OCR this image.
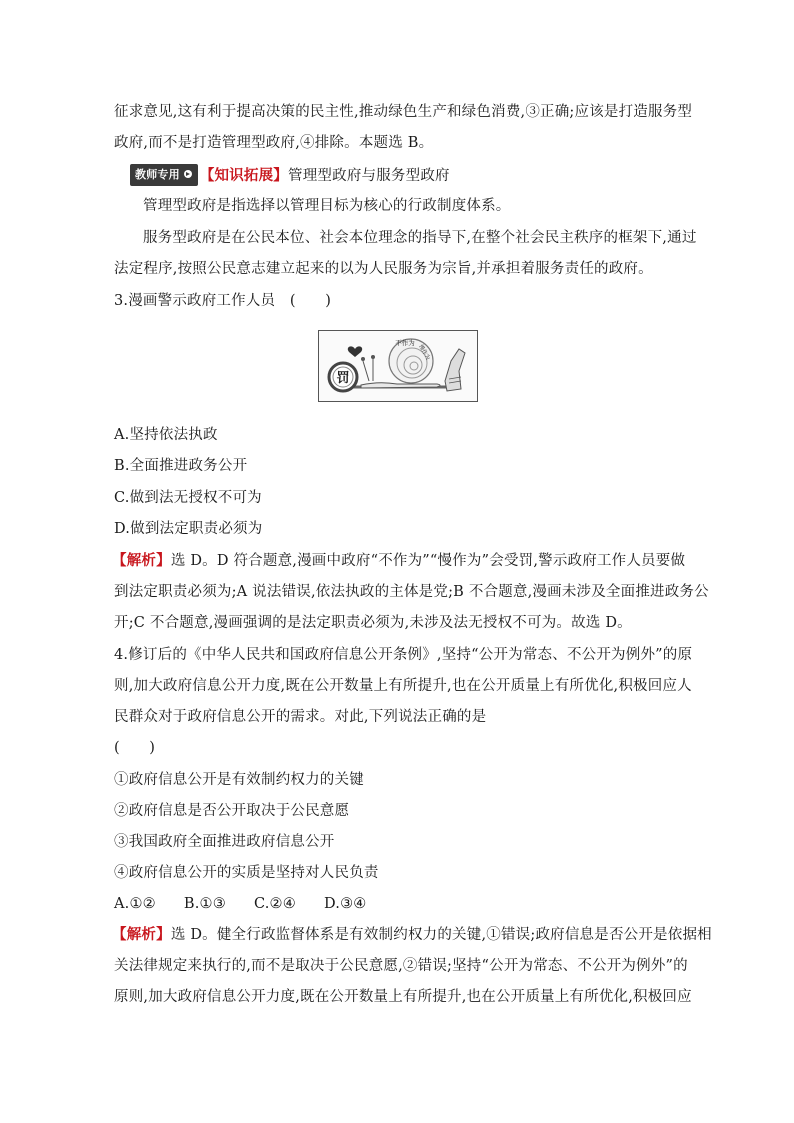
征求意见,这有利于提高决策的民主性,推动绿色生产和绿色消费,③正确;应该是打造服务型
政府,而不是打造管理型政府,④排除。本题选 B。
教师专用 【知识拓展】管理型政府与服务型政府
管理型政府是指选择以管理目标为核心的行政制度体系。
服务型政府是在公民本位、社会本位理念的指导下,在整个社会民主秩序的框架下,通过
法定程序,按照公民意志建立起来的以为人民服务为宗旨,并承担着服务责任的政府。
3.漫画警示政府工作人员　(　　)
罚
不作为
慢作为
A.坚持依法执政
B.全面推进政务公开
C.做到法无授权不可为
D.做到法定职责必须为
【解析】选 D。D 符合题意,漫画中政府“不作为”“慢作为”会受罚,警示政府工作人员要做
到法定职责必须为;A 说法错误,依法执政的主体是党;B 不合题意,漫画未涉及全面推进政务公
开;C 不合题意,漫画强调的是法定职责必须为,未涉及法无授权不可为。故选 D。
4.修订后的《中华人民共和国政府信息公开条例》,坚持“公开为常态、不公开为例外”的原
则,加大政府信息公开力度,既在公开数量上有所提升,也在公开质量上有所优化,积极回应人
民群众对于政府信息公开的需求。对此,下列说法正确的是
(　　)
①政府信息公开是有效制约权力的关键
②政府信息是否公开取决于公民意愿
③我国政府全面推进政府信息公开
④政府信息公开的实质是坚持对人民负责
A.①② B.①③ C.②④ D.③④
【解析】选 D。健全行政监督体系是有效制约权力的关键,①错误;政府信息是否公开是依据相
关法律规定来执行的,而不是取决于公民意愿,②错误;坚持“公开为常态、不公开为例外”的
原则,加大政府信息公开力度,既在公开数量上有所提升,也在公开质量上有所优化,积极回应
